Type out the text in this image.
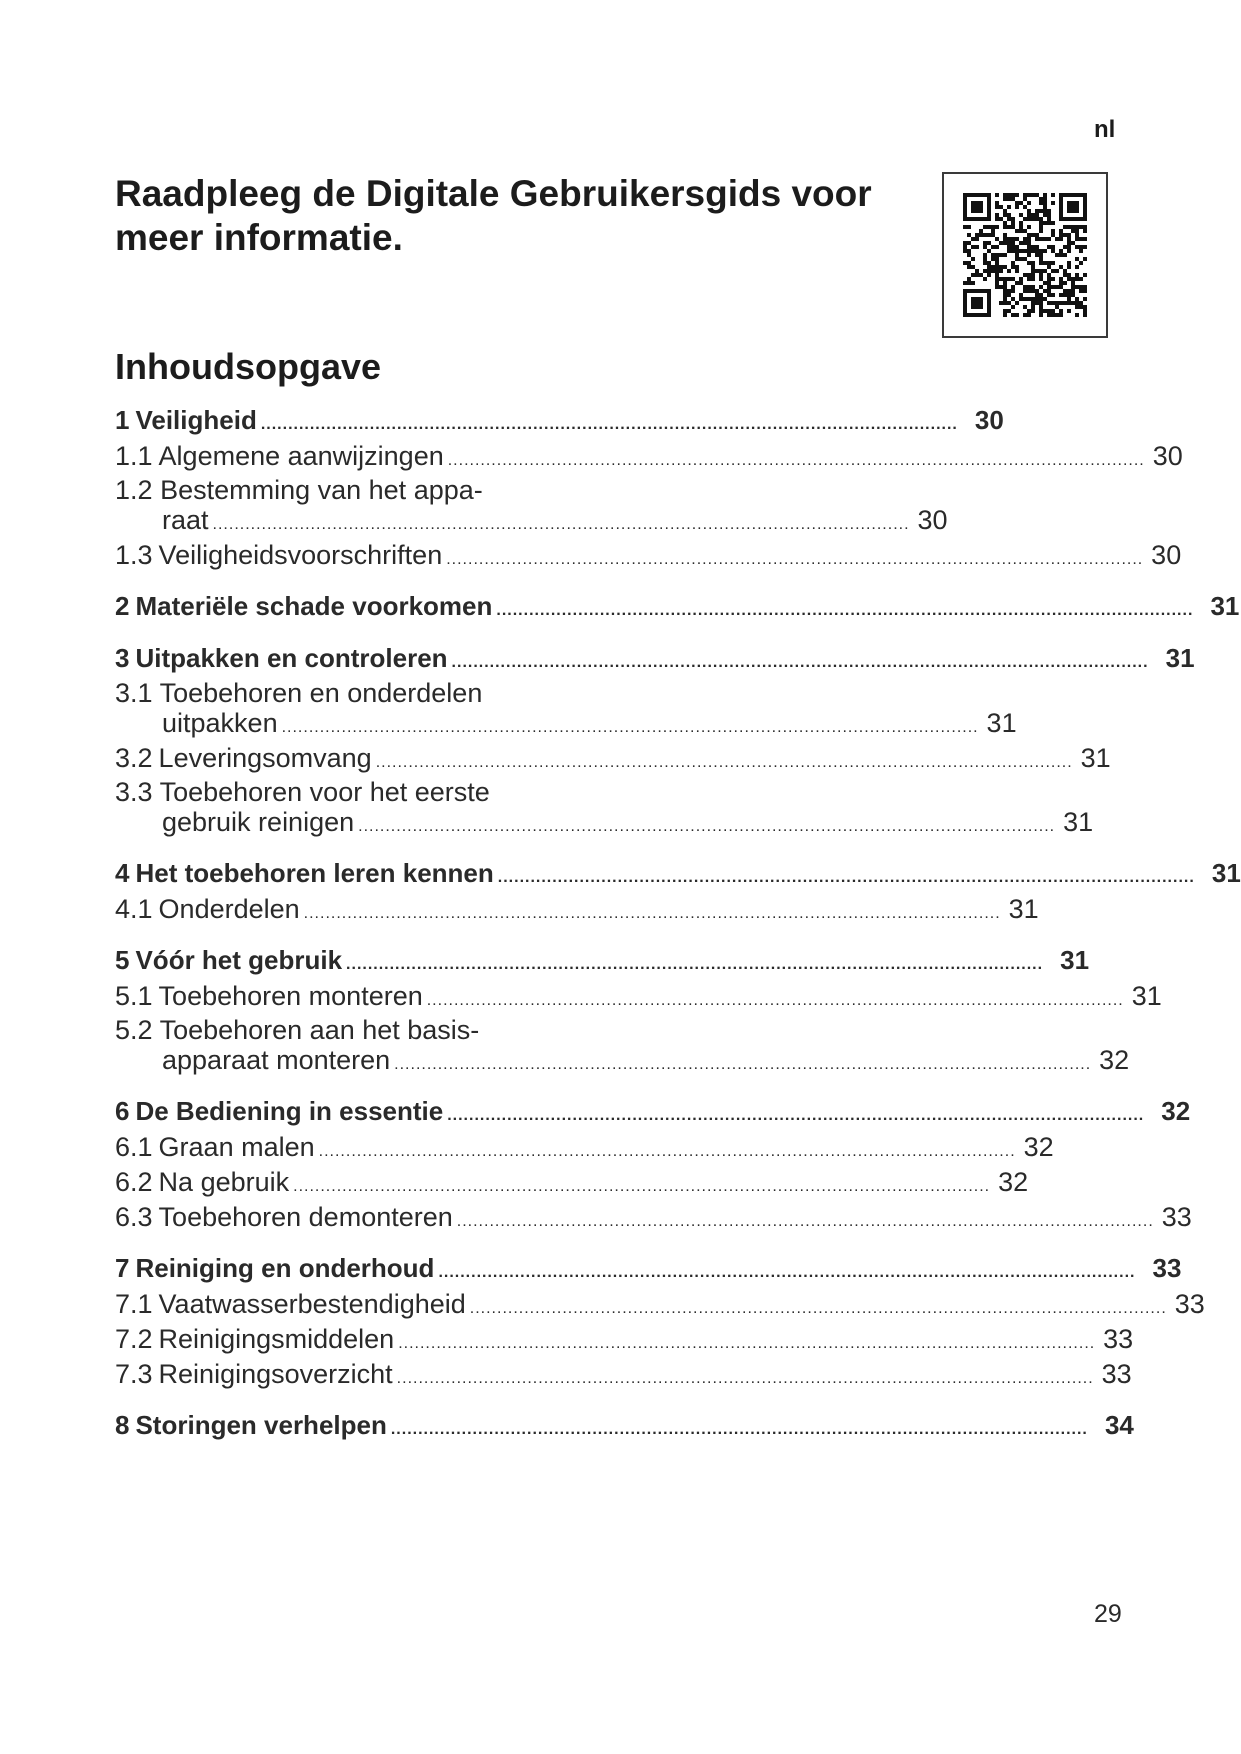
nl
Raadpleeg de Digitale Gebruikersgids voor meer informatie.
Inhoudsopgave
1 Veiligheid .....	30
1.1 Algemene aanwijzingen .....	30
1.2 Bestemming van het appa-
raat .....	30
1.3 Veiligheidsvoorschriften .....	30
2 Materiële schade voorkomen .....	31
3 Uitpakken en controleren .....	31
3.1 Toebehoren en onderdelen
uitpakken .....	31
3.2 Leveringsomvang .....	31
3.3 Toebehoren voor het eerste
gebruik reinigen .....	31
4 Het toebehoren leren kennen .....	31
4.1 Onderdelen .....	31
5 Vóór het gebruik .....	31
5.1 Toebehoren monteren .....	31
5.2 Toebehoren aan het basis-
apparaat monteren .....	32
6 De Bediening in essentie .....	32
6.1 Graan malen .....	32
6.2 Na gebruik .....	32
6.3 Toebehoren demonteren .....	33
7 Reiniging en onderhoud .....	33
7.1 Vaatwasserbestendigheid .....	33
7.2 Reinigingsmiddelen .....	33
7.3 Reinigingsoverzicht .....	33
8 Storingen verhelpen .....	34
29
